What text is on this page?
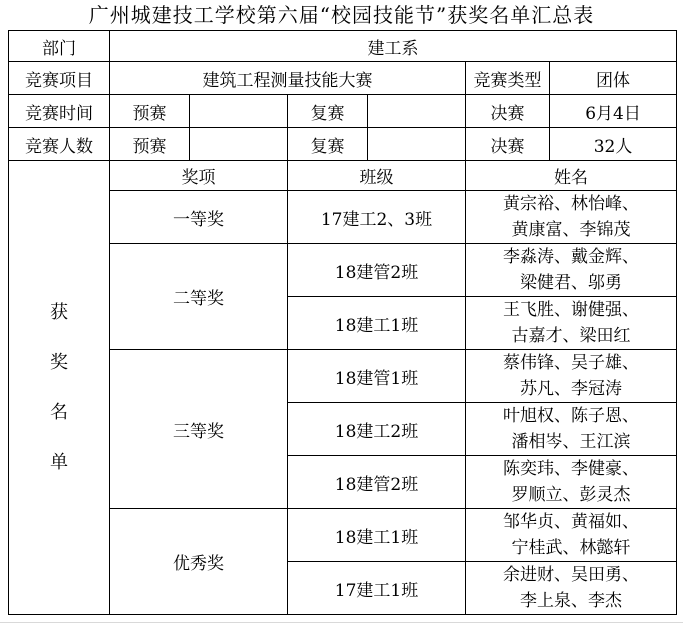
广州城建技工学校第六届“校园技能节”获奖名单汇总表
部门	建工系					
竞赛项目	建筑工程测量技能大赛				竞赛类型	团体
竞赛时间	预赛		复赛		决赛	6月4日
竞赛人数	预赛		复赛		决赛	32人

获
奖
名
单	奖项		班级		姓名	
	一等奖		17建工2、3班		黄宗裕、林怡峰、
黄康富、李锦茂	

	二等奖		18建管2班		李淼涛、戴金辉、
梁健君、邬勇	

			18建工1班		王飞胜、谢健强、
古嘉才、梁田红	

	三等奖		18建管1班		蔡伟锋、吴子雄、
苏凡、李冠涛	

			18建工2班		叶旭权、陈子恩、
潘相岑、王江滨	

			18建管2班		陈奕玮、李健豪、
罗顺立、彭灵杰	

	优秀奖		18建工1班		邹华贞、黄福如、
宁桂武、林懿轩	

			17建工1班		余进财、吴田勇、
李上泉、李杰	
